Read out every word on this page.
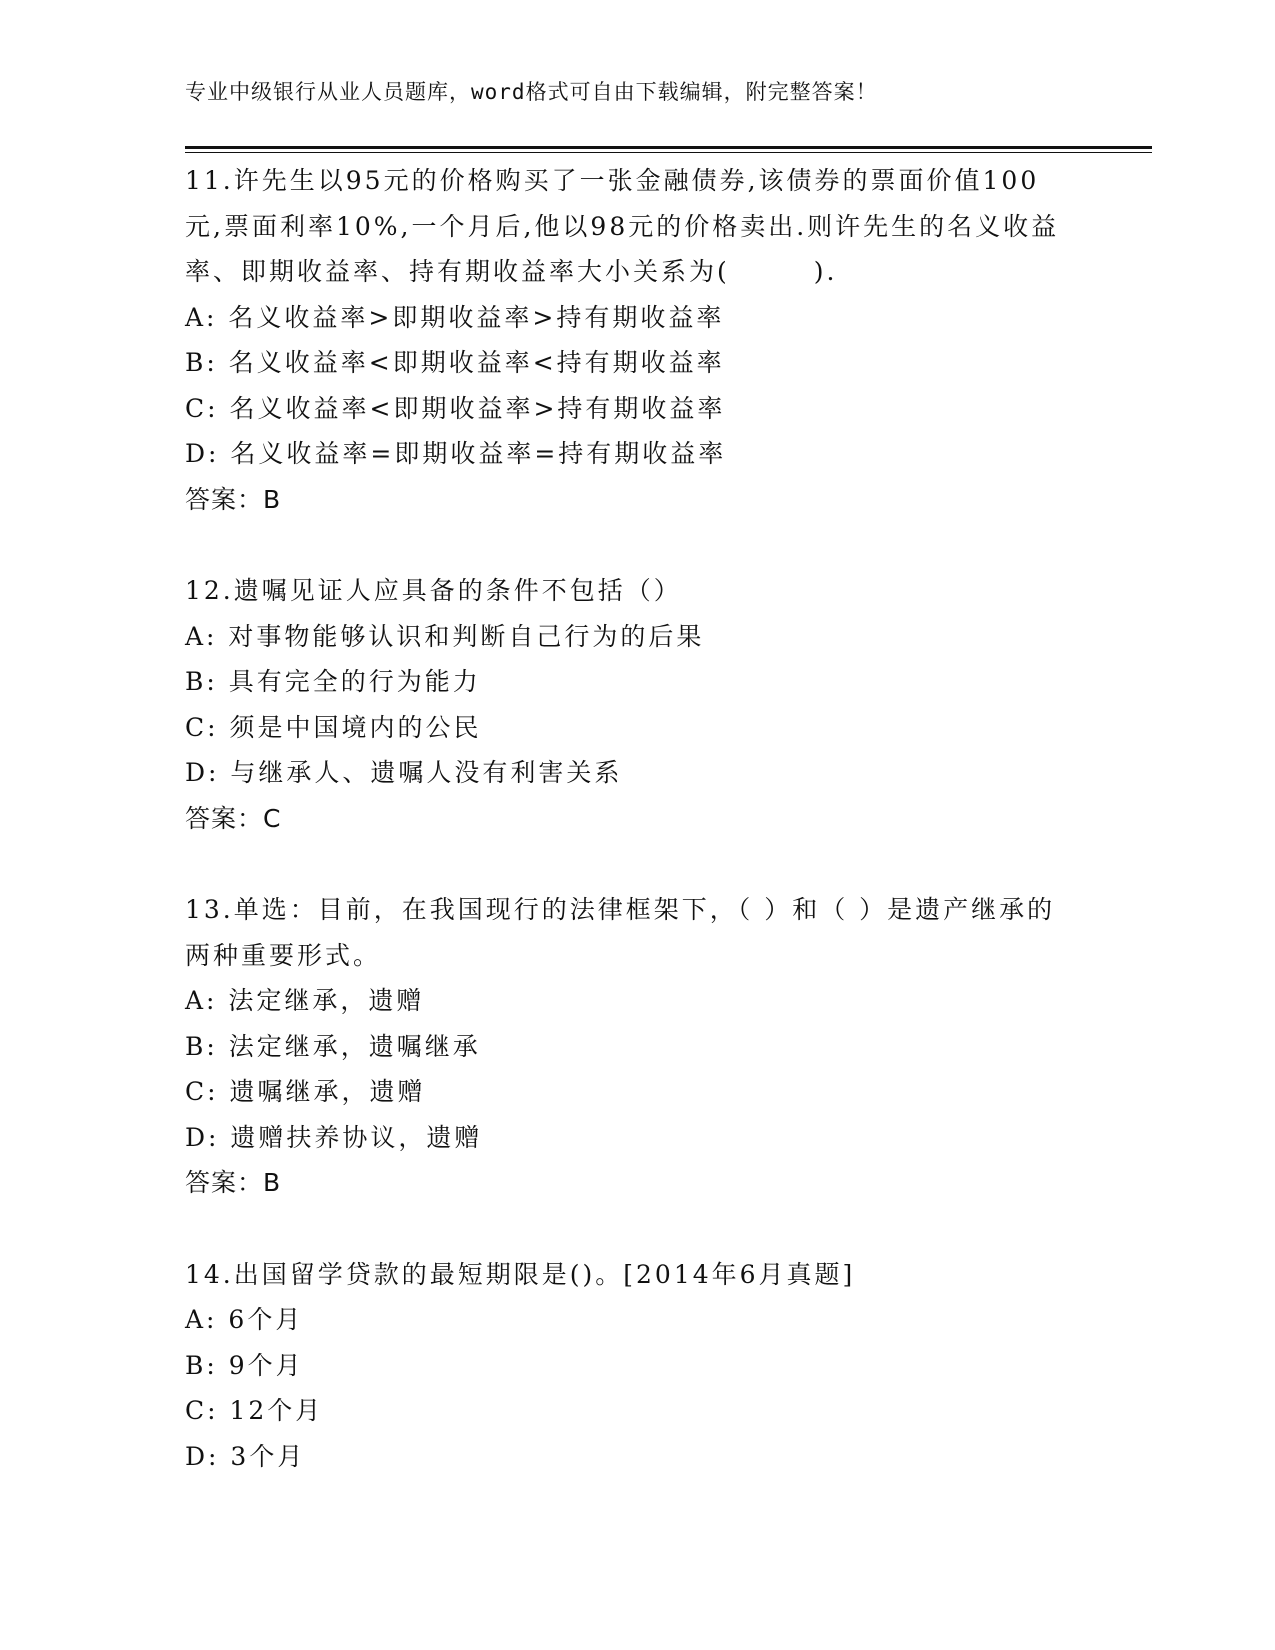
专业中级银行从业人员题库，word格式可自由下载编辑，附完整答案！
11.许先生以95元的价格购买了一张金融债券,该债券的票面价值100元,票面利率10%,一个月后,他以98元的价格卖出.则许先生的名义收益率、即期收益率、持有期收益率大小关系为(　　　).
A: 名义收益率>即期收益率>持有期收益率
B: 名义收益率<即期收益率<持有期收益率
C: 名义收益率<即期收益率>持有期收益率
D: 名义收益率=即期收益率=持有期收益率
答案：B
12.遗嘱见证人应具备的条件不包括（）
A: 对事物能够认识和判断自己行为的后果
B: 具有完全的行为能力
C: 须是中国境内的公民
D: 与继承人、遗嘱人没有利害关系
答案：C
13.单选：目前，在我国现行的法律框架下，（ ）和（ ）是遗产继承的两种重要形式。
A: 法定继承，遗赠
B: 法定继承，遗嘱继承
C: 遗嘱继承，遗赠
D: 遗赠扶养协议，遗赠
答案：B
14.出国留学贷款的最短期限是()。[2014年6月真题]
A: 6个月
B: 9个月
C: 12个月
D: 3个月
